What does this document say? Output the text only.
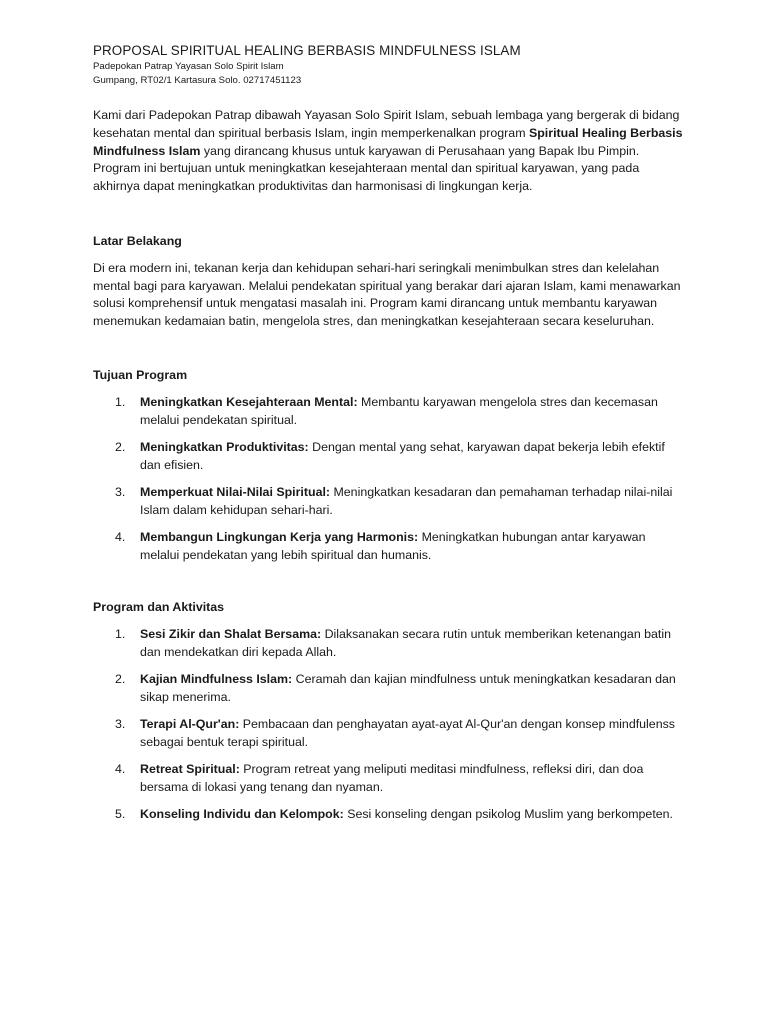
PROPOSAL SPIRITUAL HEALING BERBASIS MINDFULNESS ISLAM

Padepokan Patrap Yayasan Solo Spirit Islam

Gumpang, RT02/1 Kartasura Solo. 02717451123

Kami dari Padepokan Patrap dibawah Yayasan Solo Spirit Islam, sebuah lembaga yang bergerak di bidang kesehatan mental dan spiritual berbasis Islam, ingin memperkenalkan program Spiritual Healing Berbasis Mindfulness Islam yang dirancang khusus untuk karyawan di Perusahaan yang Bapak Ibu Pimpin. Program ini bertujuan untuk meningkatkan kesejahteraan mental dan spiritual karyawan, yang pada akhirnya dapat meningkatkan produktivitas dan harmonisasi di lingkungan kerja.

Latar Belakang

Di era modern ini, tekanan kerja dan kehidupan sehari-hari seringkali menimbulkan stres dan kelelahan mental bagi para karyawan. Melalui pendekatan spiritual yang berakar dari ajaran Islam, kami menawarkan solusi komprehensif untuk mengatasi masalah ini. Program kami dirancang untuk membantu karyawan menemukan kedamaian batin, mengelola stres, dan meningkatkan kesejahteraan secara keseluruhan.

Tujuan Program

1. Meningkatkan Kesejahteraan Mental: Membantu karyawan mengelola stres dan kecemasan melalui pendekatan spiritual.
2. Meningkatkan Produktivitas: Dengan mental yang sehat, karyawan dapat bekerja lebih efektif dan efisien.
3. Memperkuat Nilai-Nilai Spiritual: Meningkatkan kesadaran dan pemahaman terhadap nilai-nilai Islam dalam kehidupan sehari-hari.
4. Membangun Lingkungan Kerja yang Harmonis: Meningkatkan hubungan antar karyawan melalui pendekatan yang lebih spiritual dan humanis.

Program dan Aktivitas

1. Sesi Zikir dan Shalat Bersama: Dilaksanakan secara rutin untuk memberikan ketenangan batin dan mendekatkan diri kepada Allah.
2. Kajian Mindfulness Islam: Ceramah dan kajian mindfulness untuk meningkatkan kesadaran dan sikap menerima.
3. Terapi Al-Qur'an: Pembacaan dan penghayatan ayat-ayat Al-Qur'an dengan konsep mindfulenss sebagai bentuk terapi spiritual.
4. Retreat Spiritual: Program retreat yang meliputi meditasi mindfulness, refleksi diri, dan doa bersama di lokasi yang tenang dan nyaman.
5. Konseling Individu dan Kelompok: Sesi konseling dengan psikolog Muslim yang berkompeten.
